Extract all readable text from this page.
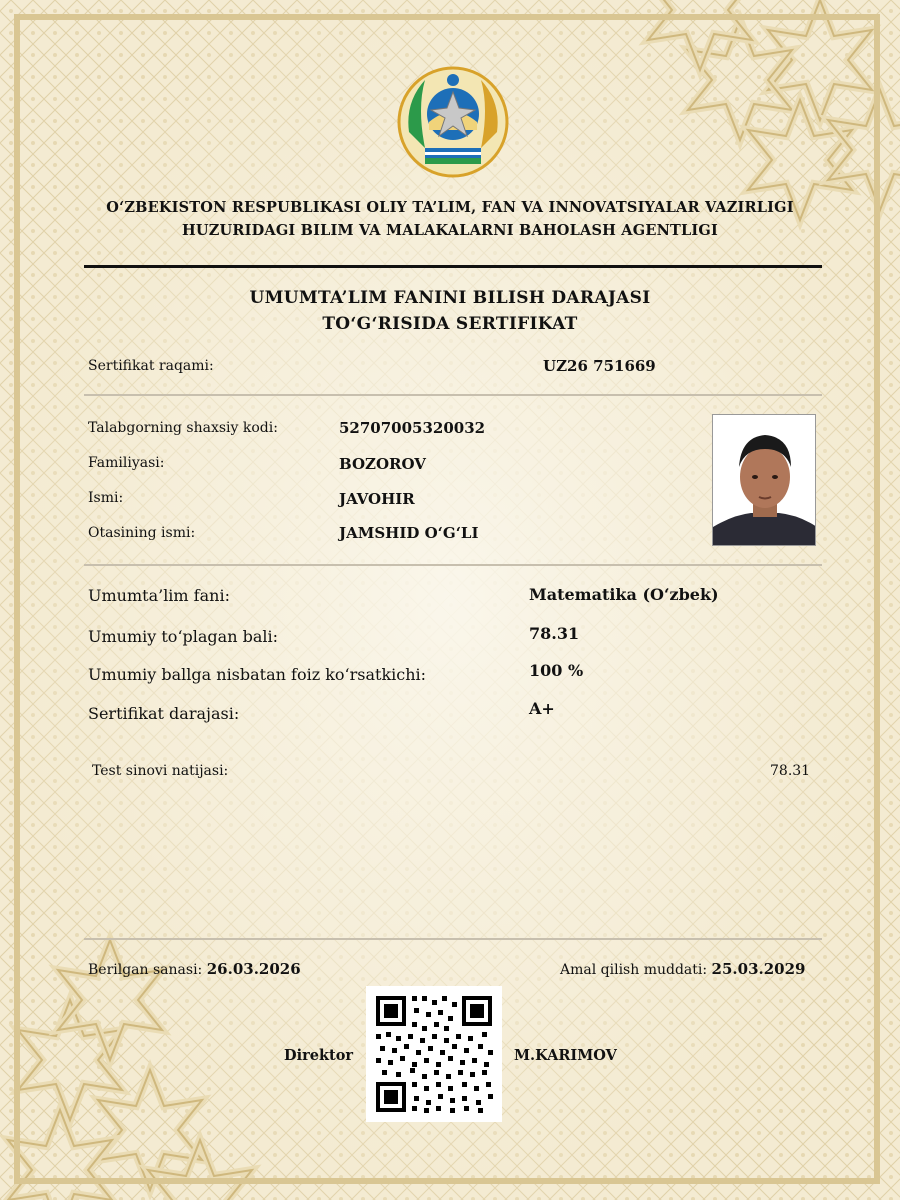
O‘ZBEKISTON RESPUBLIKASI OLIY TA’LIM, FAN VA INNOVATSIYALAR VAZIRLIGI
HUZURIDAGI BILIM VA MALAKALARNI BAHOLASH AGENTLIGI
UMUMTA’LIM FANINI BILISH DARAJASI
TO‘G‘RISIDA SERTIFIKAT
Sertifikat raqami:	UZ26 751669
Talabgorning shaxsiy kodi:	52707005320032
Familiyasi:	BOZOROV
Ismi:	JAVOHIR
Otasining ismi:	JAMSHID O‘G‘LI
Umumta’lim fani:	Matematika (O‘zbek)
Umumiy to‘plagan bali:	78.31
Umumiy ballga nisbatan foiz ko‘rsatkichi:	100 %
Sertifikat darajasi:	A+
Test sinovi natijasi:	78.31
Berilgan sanasi: 26.03.2026	Amal qilish muddati: 25.03.2029
Direktor	M.KARIMOV
